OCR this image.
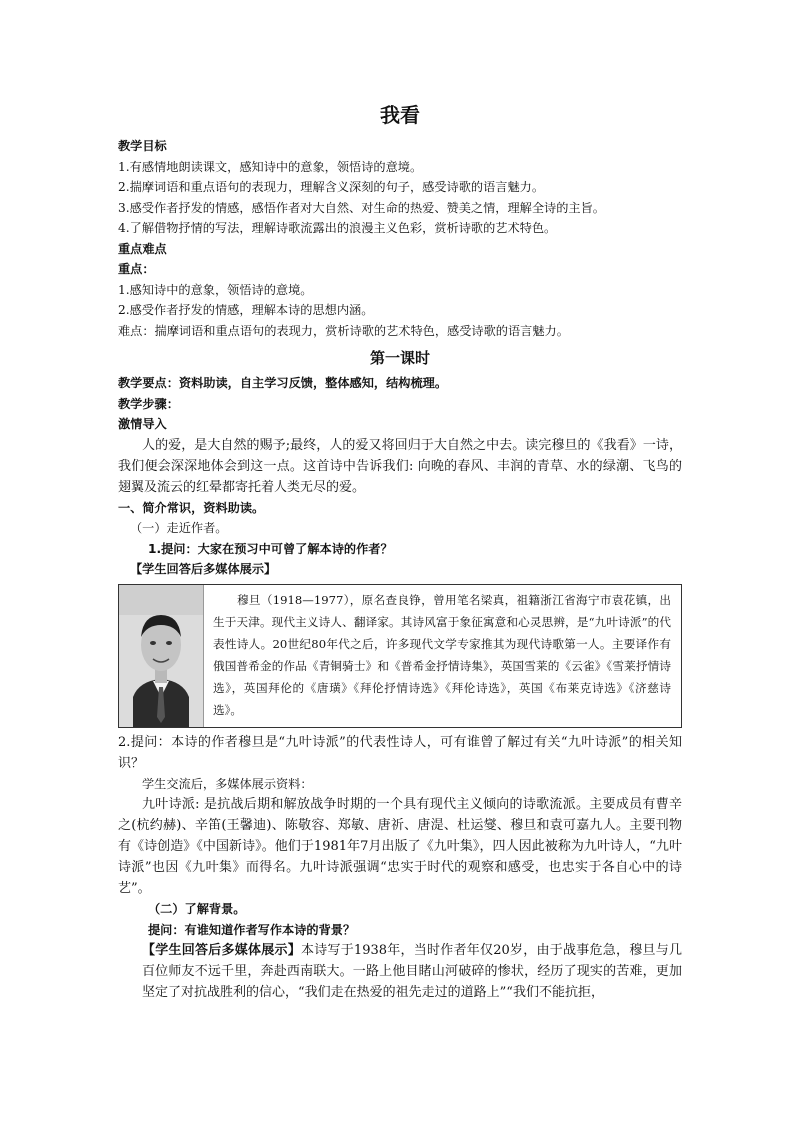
我看

教学目标

1.有感情地朗读课文，感知诗中的意象，领悟诗的意境。

2.揣摩词语和重点语句的表现力，理解含义深刻的句子，感受诗歌的语言魅力。

3.感受作者抒发的情感，感悟作者对大自然、对生命的热爱、赞美之情，理解全诗的主旨。

4.了解借物抒情的写法，理解诗歌流露出的浪漫主义色彩，赏析诗歌的艺术特色。

重点难点

重点：

1.感知诗中的意象，领悟诗的意境。

2.感受作者抒发的情感，理解本诗的思想内涵。

难点：揣摩词语和重点语句的表现力，赏析诗歌的艺术特色，感受诗歌的语言魅力。

第一课时

教学要点：资料助读，自主学习反馈，整体感知，结构梳理。

教学步骤：

激情导入

人的爱，是大自然的赐予;最终，人的爱又将回归于大自然之中去。读完穆旦的《我看》一诗，我们便会深深地体会到这一点。这首诗中告诉我们: 向晚的春风、丰润的青草、水的绿潮、飞鸟的翅翼及流云的红晕都寄托着人类无尽的爱。

一、简介常识，资料助读。

（一）走近作者。

1.提问：大家在预习中可曾了解本诗的作者？

【学生回答后多媒体展示】

穆旦（1918—1977），原名查良铮，曾用笔名梁真，祖籍浙江省海宁市袁花镇，出生于天津。现代主义诗人、翻译家。其诗风富于象征寓意和心灵思辨，是“九叶诗派”的代表性诗人。20世纪80年代之后，许多现代文学专家推其为现代诗歌第一人。主要译作有俄国普希金的作品《青铜骑士》和《普希金抒情诗集》，英国雪莱的《云雀》《雪莱抒情诗选》，英国拜伦的《唐璜》《拜伦抒情诗选》《拜伦诗选》，英国《布莱克诗选》《济慈诗选》。

2.提问：本诗的作者穆旦是“九叶诗派”的代表性诗人，可有谁曾了解过有关“九叶诗派”的相关知识？

学生交流后，多媒体展示资料：

九叶诗派: 是抗战后期和解放战争时期的一个具有现代主义倾向的诗歌流派。主要成员有曹辛之(杭约赫)、辛笛(王馨迪)、陈敬容、郑敏、唐祈、唐湜、杜运燮、穆旦和袁可嘉九人。主要刊物有《诗创造》《中国新诗》。他们于1981年7月出版了《九叶集》，四人因此被称为九叶诗人，“九叶诗派”也因《九叶集》而得名。九叶诗派强调“忠实于时代的观察和感受，也忠实于各自心中的诗艺”。

（二）了解背景。

提问：有谁知道作者写作本诗的背景？

【学生回答后多媒体展示】本诗写于1938年，当时作者年仅20岁，由于战事危急，穆旦与几百位师友不远千里，奔赴西南联大。一路上他目睹山河破碎的惨状，经历了现实的苦难，更加坚定了对抗战胜利的信心，“我们走在热爱的祖先走过的道路上”“我们不能抗拒，
